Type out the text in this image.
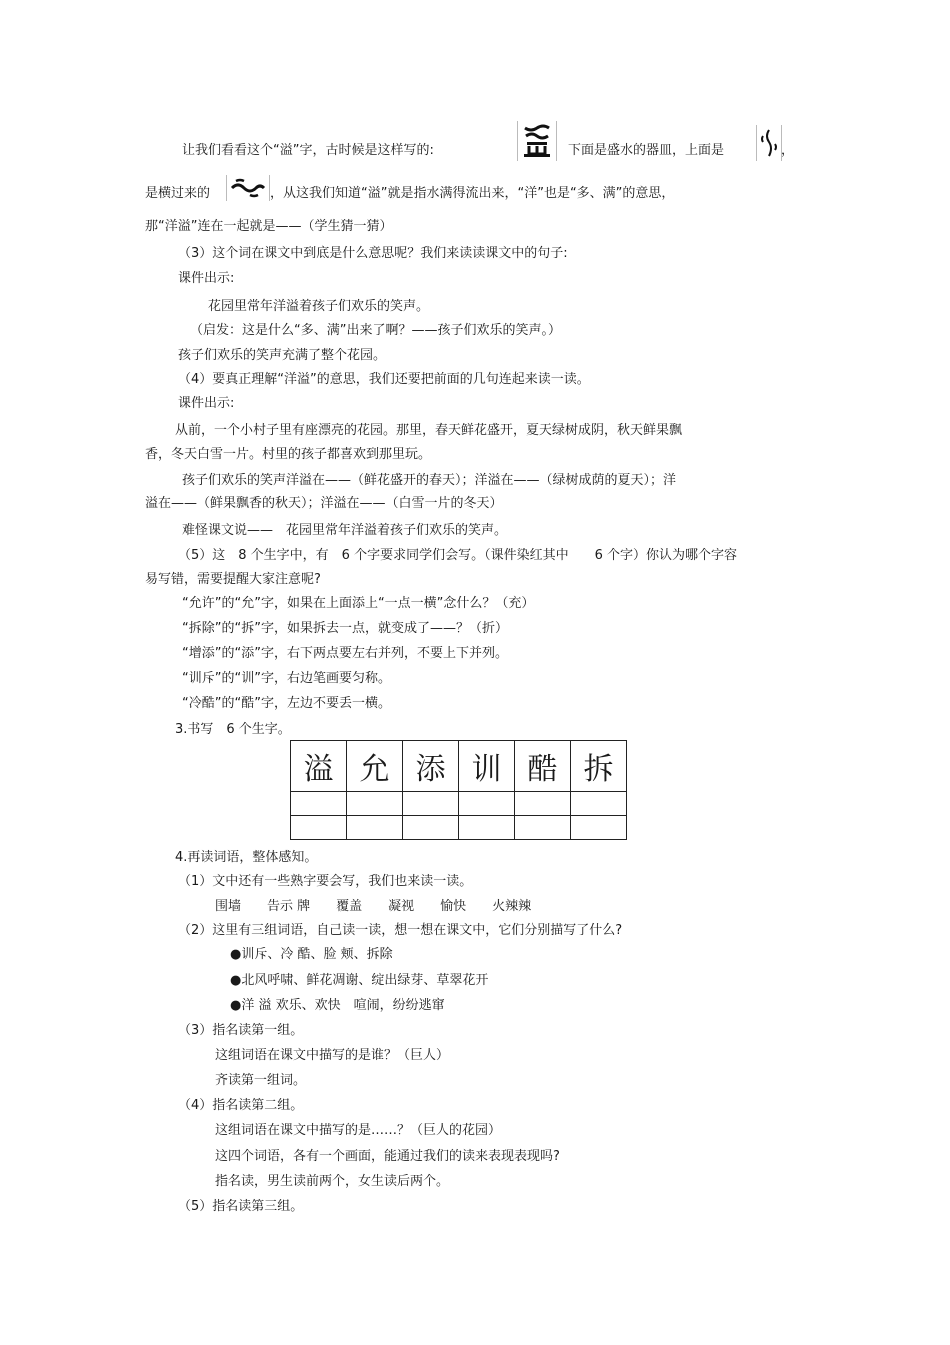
让我们看看这个“溢”字，古时候是这样写的:	下面是盛水的器皿，上面是	，
是横过来的	，从这我们知道“溢”就是指水满得流出来，“洋”也是“多、满”的意思，
那“洋溢”连在一起就是——（学生猜一猜）
（3）这个词在课文中到底是什么意思呢？我们来读读课文中的句子:
课件出示:
花园里常年洋溢着孩子们欢乐的笑声。
（启发：这是什么“多、满”出来了啊？——孩子们欢乐的笑声。）
孩子们欢乐的笑声充满了整个花园。
（4）要真正理解“洋溢”的意思，我们还要把前面的几句连起来读一读。
课件出示:
从前，一个小村子里有座漂亮的花园。那里，春天鲜花盛开，夏天绿树成阴，秋天鲜果飘
香，冬天白雪一片。村里的孩子都喜欢到那里玩。
孩子们欢乐的笑声洋溢在——（鲜花盛开的春天）；洋溢在——（绿树成荫的夏天）；洋
溢在——（鲜果飘香的秋天）；洋溢在——（白雪一片的冬天）
难怪课文说——　花园里常年洋溢着孩子们欢乐的笑声。
（5）这　8 个生字中，有　6 个字要求同学们会写。（课件染红其中　　6 个字）你认为哪个字容
易写错，需要提醒大家注意呢?
“允许”的“允”字，如果在上面添上“一点一横”念什么？（充）
“拆除”的“拆”字，如果拆去一点，就变成了——？（折）
“增添”的“添”字，右下两点要左右并列，不要上下并列。
“训斥”的“训”字，右边笔画要匀称。
“冷酷”的“酷”字，左边不要丢一横。
3.书写　6 个生字。
溢	允	添	训	酷	拆

4.再读词语，整体感知。
（1）文中还有一些熟字要会写，我们也来读一读。
围墙　　告示 牌　　覆盖　　凝视　　愉快　　火辣辣
（2）这里有三组词语，自己读一读，想一想在课文中，它们分别描写了什么?
●训斥、冷 酷、脸 颊、拆除
●北风呼啸、鲜花凋谢、绽出绿芽、草翠花开
●洋 溢 欢乐、欢快　喧闹，纷纷逃窜
（3）指名读第一组。
这组词语在课文中描写的是谁？（巨人）
齐读第一组词。
（4）指名读第二组。
这组词语在课文中描写的是……？（巨人的花园）
这四个词语，各有一个画面，能通过我们的读来表现表现吗?
指名读，男生读前两个，女生读后两个。
（5）指名读第三组。
